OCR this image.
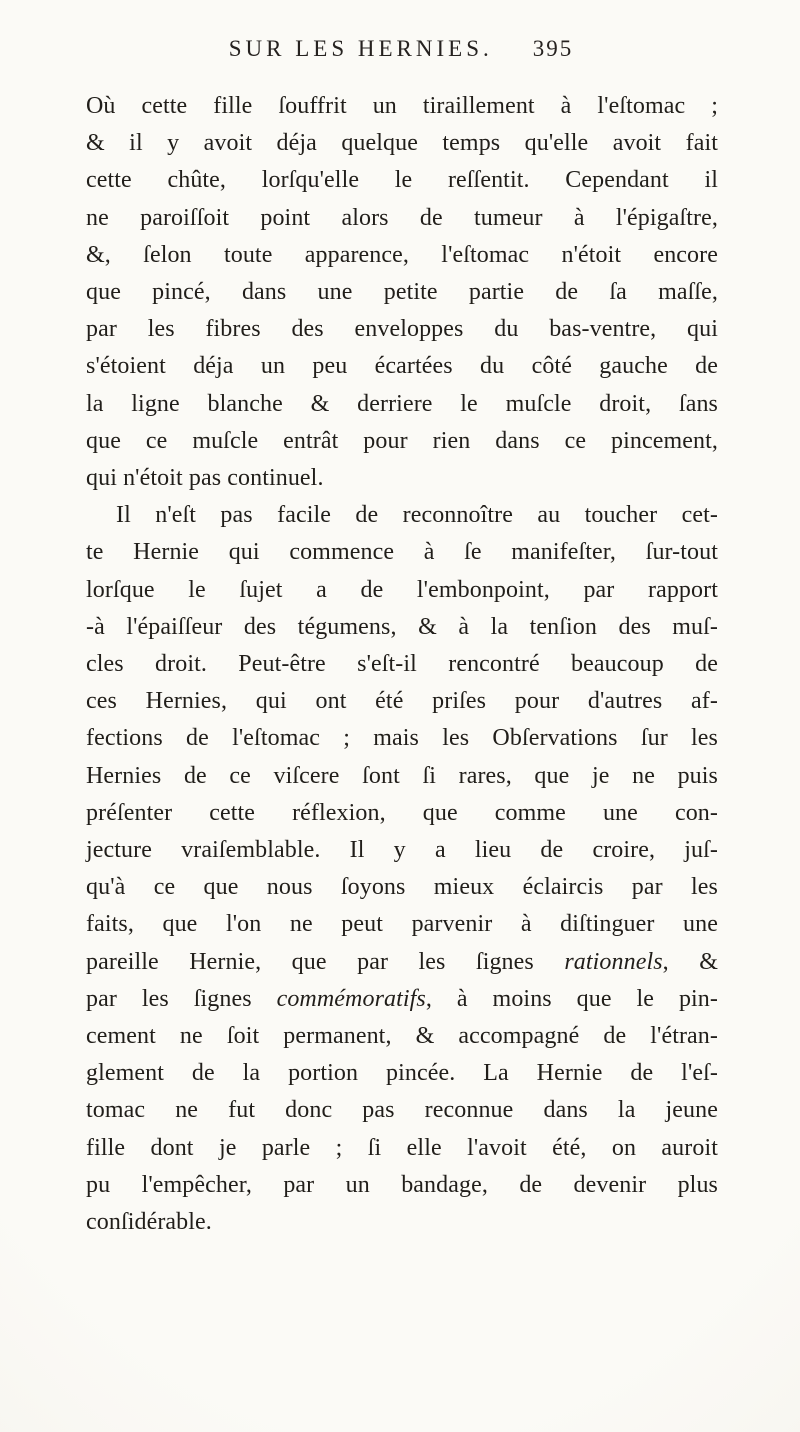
SUR LES HERNIES. 395
Où cette fille ſouffrit un tiraillement à l'eſtomac ;
& il y avoit déja quelque temps qu'elle avoit fait
cette chûte, lorſqu'elle le reſſentit. Cependant il
ne paroiſſoit point alors de tumeur à l'épigaſtre,
&, ſelon toute apparence, l'eſtomac n'étoit encore
que pincé, dans une petite partie de ſa maſſe,
par les fibres des enveloppes du bas-ventre, qui
s'étoient déja un peu écartées du côté gauche de
la ligne blanche & derriere le muſcle droit, ſans
que ce muſcle entrât pour rien dans ce pincement,
qui n'étoit pas continuel.
Il n'eſt pas facile de reconnoître au toucher cet-
te Hernie qui commence à ſe manifeſter, ſur-tout
lorſque le ſujet a de l'embonpoint, par rapport
-à l'épaiſſeur des tégumens, & à la tenſion des muſ-
cles droit. Peut-être s'eſt-il rencontré beaucoup de
ces Hernies, qui ont été priſes pour d'autres af-
fections de l'eſtomac ; mais les Obſervations ſur les
Hernies de ce viſcere ſont ſi rares, que je ne puis
préſenter cette réflexion, que comme une con-
jecture vraiſemblable. Il y a lieu de croire, juſ-
qu'à ce que nous ſoyons mieux éclaircis par les
faits, que l'on ne peut parvenir à diſtinguer une
pareille Hernie, que par les ſignes rationnels, &
par les ſignes commémoratifs, à moins que le pin-
cement ne ſoit permanent, & accompagné de l'étran-
glement de la portion pincée. La Hernie de l'eſ-
tomac ne fut donc pas reconnue dans la jeune
fille dont je parle ; ſi elle l'avoit été, on auroit
pu l'empêcher, par un bandage, de devenir plus
conſidérable.
